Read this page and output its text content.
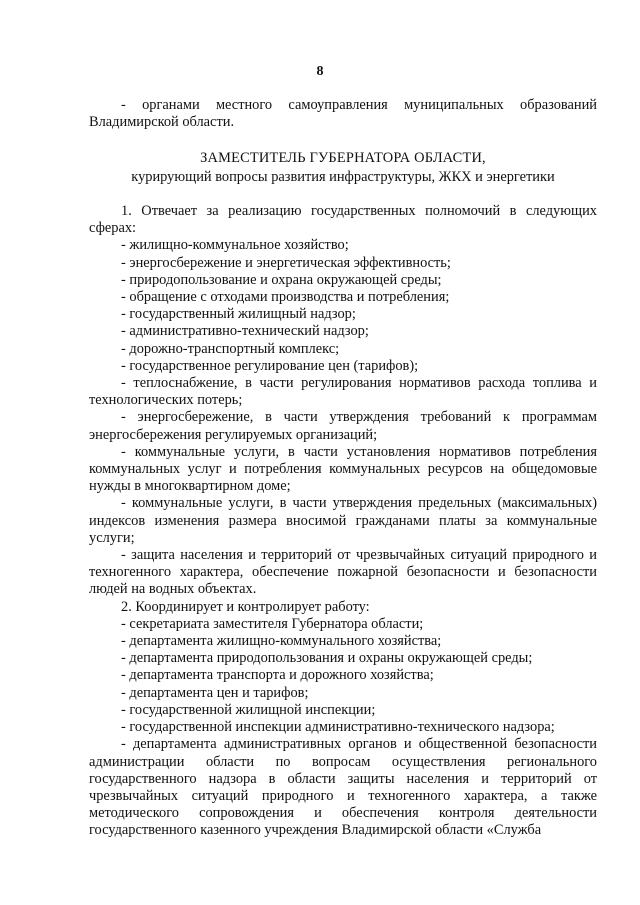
8

- органами местного самоуправления муниципальных образований Владимирской области.

ЗАМЕСТИТЕЛЬ ГУБЕРНАТОРА ОБЛАСТИ,
курирующий вопросы развития инфраструктуры, ЖКХ и энергетики

1. Отвечает за реализацию государственных полномочий в следующих сферах:

- жилищно-коммунальное хозяйство;

- энергосбережение и энергетическая эффективность;

- природопользование и охрана окружающей среды;

- обращение с отходами производства и потребления;

- государственный жилищный надзор;

- административно-технический надзор;

- дорожно-транспортный комплекс;

- государственное регулирование цен (тарифов);

- теплоснабжение, в части регулирования нормативов расхода топлива и технологических потерь;

- энергосбережение, в части утверждения требований к программам энергосбережения регулируемых организаций;

- коммунальные услуги, в части установления нормативов потребления коммунальных услуг и потребления коммунальных ресурсов на общедомовые нужды в многоквартирном доме;

- коммунальные услуги, в части утверждения предельных (максимальных) индексов изменения размера вносимой гражданами платы за коммунальные услуги;

- защита населения и территорий от чрезвычайных ситуаций природного и техногенного характера, обеспечение пожарной безопасности и безопасности людей на водных объектах.

2. Координирует и контролирует работу:

- секретариата заместителя Губернатора области;

- департамента жилищно-коммунального хозяйства;

- департамента природопользования и охраны окружающей среды;

- департамента транспорта и дорожного хозяйства;

- департамента цен и тарифов;

- государственной жилищной инспекции;

- государственной инспекции административно-технического надзора;

- департамента административных органов и общественной безопасности администрации области по вопросам осуществления регионального государственного надзора в области защиты населения и территорий от чрезвычайных ситуаций природного и техногенного характера, а также методического сопровождения и обеспечения контроля деятельности государственного казенного учреждения Владимирской области «Служба
